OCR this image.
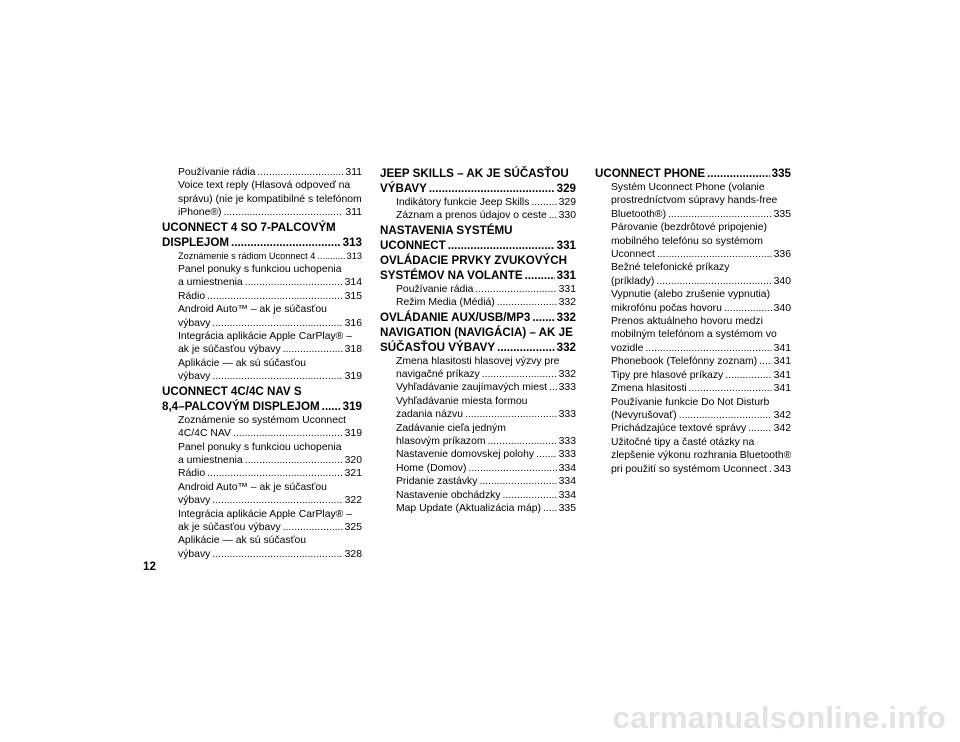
Používanie rádia .....	311
Voice text reply (Hlasová odpoveď na
správu) (nie je kompatibilné s telefónom
iPhone®) .....	311
UCONNECT 4 SO 7-PALCOVÝM
DISPLEJOM .....	313
Zoznámenie s rádiom Uconnect 4 .....	313
Panel ponuky s funkciou uchopenia
a umiestnenia .....	314
Rádio .....	315
Android Auto™ – ak je súčasťou
výbavy .....	316
Integrácia aplikácie Apple CarPlay® –
ak je súčasťou výbavy .....	318
Aplikácie — ak sú súčasťou
výbavy .....	319
UCONNECT 4C/4C NAV S
8,4–PALCOVÝM DISPLEJOM ..... 319
Zoznámenie so systémom Uconnect
4C/4C NAV .....	319
Panel ponuky s funkciou uchopenia
a umiestnenia .....	320
Rádio .....	321
Android Auto™ – ak je súčasťou
výbavy .....	322
Integrácia aplikácie Apple CarPlay® –
ak je súčasťou výbavy .....	325
Aplikácie — ak sú súčasťou
výbavy .....	328
JEEP SKILLS – AK JE SÚČASŤOU
VÝBAVY .....	329
Indikátory funkcie Jeep Skills .....	329
Záznam a prenos údajov o ceste ..... 330
NASTAVENIA SYSTÉMU
UCONNECT .....	331
OVLÁDACIE PRVKY ZVUKOVÝCH
SYSTÉMOV NA VOLANTE .....	331
Používanie rádia .....	331
Režim Media (Médiá) .....	332
OVLÁDANIE AUX/USB/MP3 ..... 332
NAVIGATION (NAVIGÁCIA) – AK JE
SÚČASŤOU VÝBAVY .....	332
Zmena hlasitosti hlasovej výzvy pre
navigačné príkazy .....	332
Vyhľadávanie zaujímavých miest ..... 333
Vyhľadávanie miesta formou
zadania názvu .....	333
Zadávanie cieľa jedným
hlasovým príkazom .....	333
Nastavenie domovskej polohy ..... 333
Home (Domov) .....	334
Pridanie zastávky .....	334
Nastavenie obchádzky .....	334
Map Update (Aktualizácia máp) ..... 335
UCONNECT PHONE .....	335
Systém Uconnect Phone (volanie
prostredníctvom súpravy hands-free
Bluetooth®) .....	335
Párovanie (bezdrôtové pripojenie)
mobilného telefónu so systémom
Uconnect .....	336
Bežné telefonické príkazy
(príklady) .....	340
Vypnutie (alebo zrušenie vypnutia)
mikrofónu počas hovoru .....	340
Prenos aktuálneho hovoru medzi
mobilným telefónom a systémom vo
vozidle .....	341
Phonebook (Telefónny zoznam) ..... 341
Tipy pre hlasové príkazy .....	341
Zmena hlasitosti .....	341
Používanie funkcie Do Not Disturb
(Nevyrušovať) .....	342
Prichádzajúce textové správy .....	342
Užitočné tipy a časté otázky na
zlepšenie výkonu rozhrania Bluetooth®
pri použití so systémom Uconnect ..... 343
12
carmanualsonline.info
